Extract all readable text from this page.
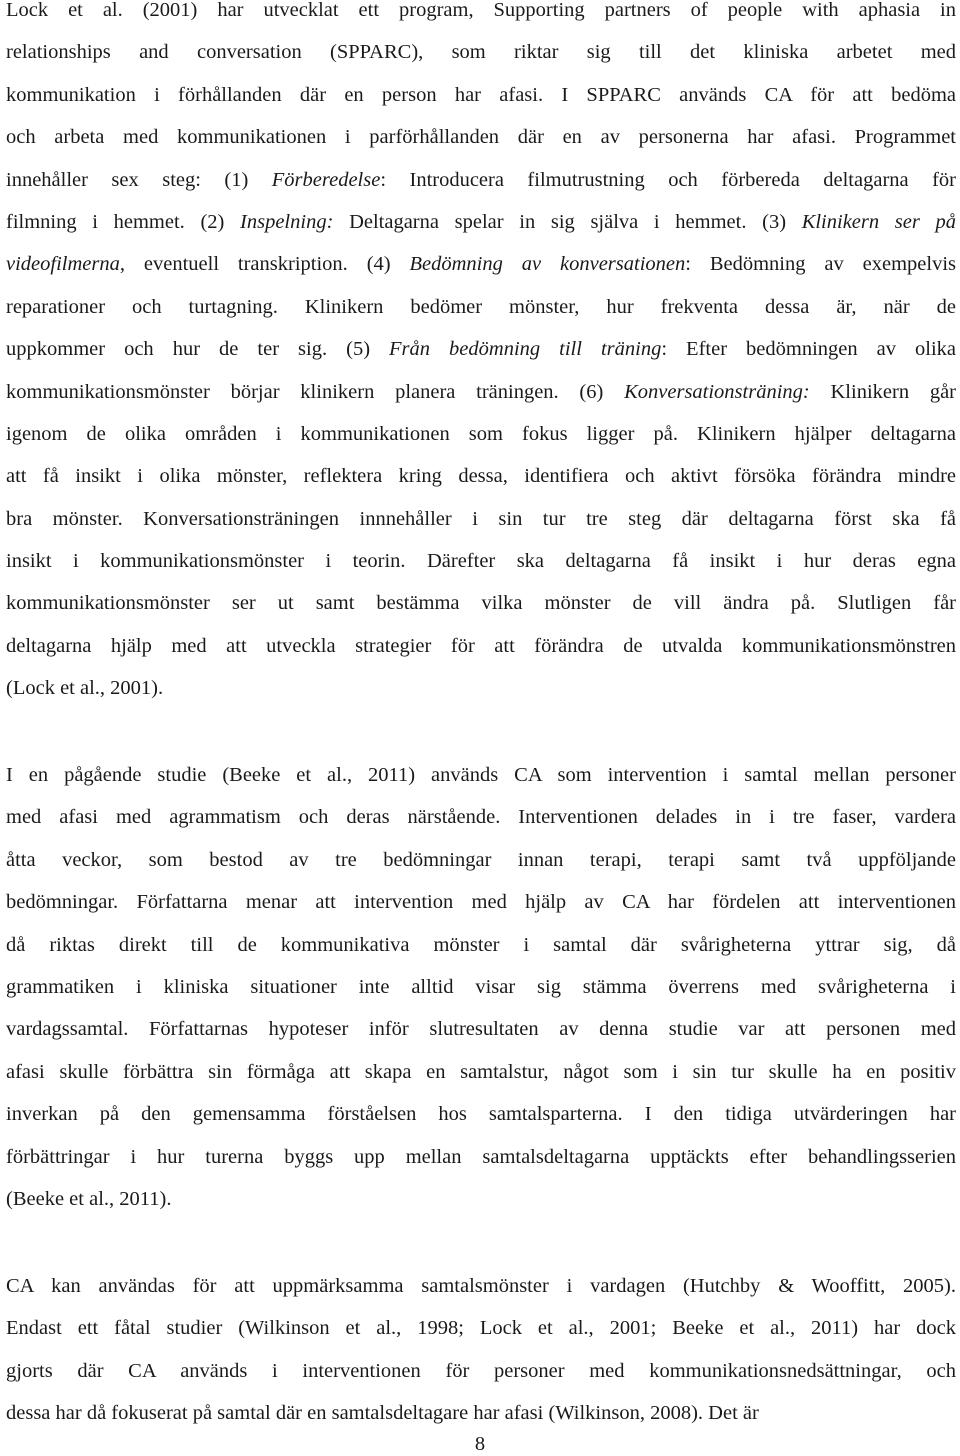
Lock et al. (2001) har utvecklat ett program, Supporting partners of people with aphasia in
relationships and conversation (SPPARC), som riktar sig till det kliniska arbetet med
kommunikation i förhållanden där en person har afasi. I SPPARC används CA för att bedöma
och arbeta med kommunikationen i parförhållanden där en av personerna har afasi. Programmet
innehåller sex steg: (1) Förberedelse: Introducera filmutrustning och förbereda deltagarna för
filmning i hemmet. (2) Inspelning: Deltagarna spelar in sig själva i hemmet. (3) Klinikern ser på
videofilmerna, eventuell transkription. (4) Bedömning av konversationen: Bedömning av exempelvis
reparationer och turtagning. Klinikern bedömer mönster, hur frekventa dessa är, när de
uppkommer och hur de ter sig. (5) Från bedömning till träning: Efter bedömningen av olika
kommunikationsmönster börjar klinikern planera träningen. (6) Konversationsträning: Klinikern går
igenom de olika områden i kommunikationen som fokus ligger på. Klinikern hjälper deltagarna
att få insikt i olika mönster, reflektera kring dessa, identifiera och aktivt försöka förändra mindre
bra mönster. Konversationsträningen innnehåller i sin tur tre steg där deltagarna först ska få
insikt i kommunikationsmönster i teorin. Därefter ska deltagarna få insikt i hur deras egna
kommunikationsmönster ser ut samt bestämma vilka mönster de vill ändra på. Slutligen får
deltagarna hjälp med att utveckla strategier för att förändra de utvalda kommunikationsmönstren
(Lock et al., 2001).
I en pågående studie (Beeke et al., 2011) används CA som intervention i samtal mellan personer
med afasi med agrammatism och deras närstående. Interventionen delades in i tre faser, vardera
åtta veckor, som bestod av tre bedömningar innan terapi, terapi samt två uppföljande
bedömningar. Författarna menar att intervention med hjälp av CA har fördelen att interventionen
då riktas direkt till de kommunikativa mönster i samtal där svårigheterna yttrar sig, då
grammatiken i kliniska situationer inte alltid visar sig stämma överrens med svårigheterna i
vardagssamtal. Författarnas hypoteser inför slutresultaten av denna studie var att personen med
afasi skulle förbättra sin förmåga att skapa en samtalstur, något som i sin tur skulle ha en positiv
inverkan på den gemensamma förståelsen hos samtalsparterna. I den tidiga utvärderingen har
förbättringar i hur turerna byggs upp mellan samtalsdeltagarna upptäckts efter behandlingsserien
(Beeke et al., 2011).
CA kan användas för att uppmärksamma samtalsmönster i vardagen (Hutchby & Wooffitt, 2005).
Endast ett fåtal studier (Wilkinson et al., 1998; Lock et al., 2001; Beeke et al., 2011) har dock
gjorts där CA används i interventionen för personer med kommunikationsnedsättningar, och
dessa har då fokuserat på samtal där en samtalsdeltagare har afasi (Wilkinson, 2008). Det är
8
